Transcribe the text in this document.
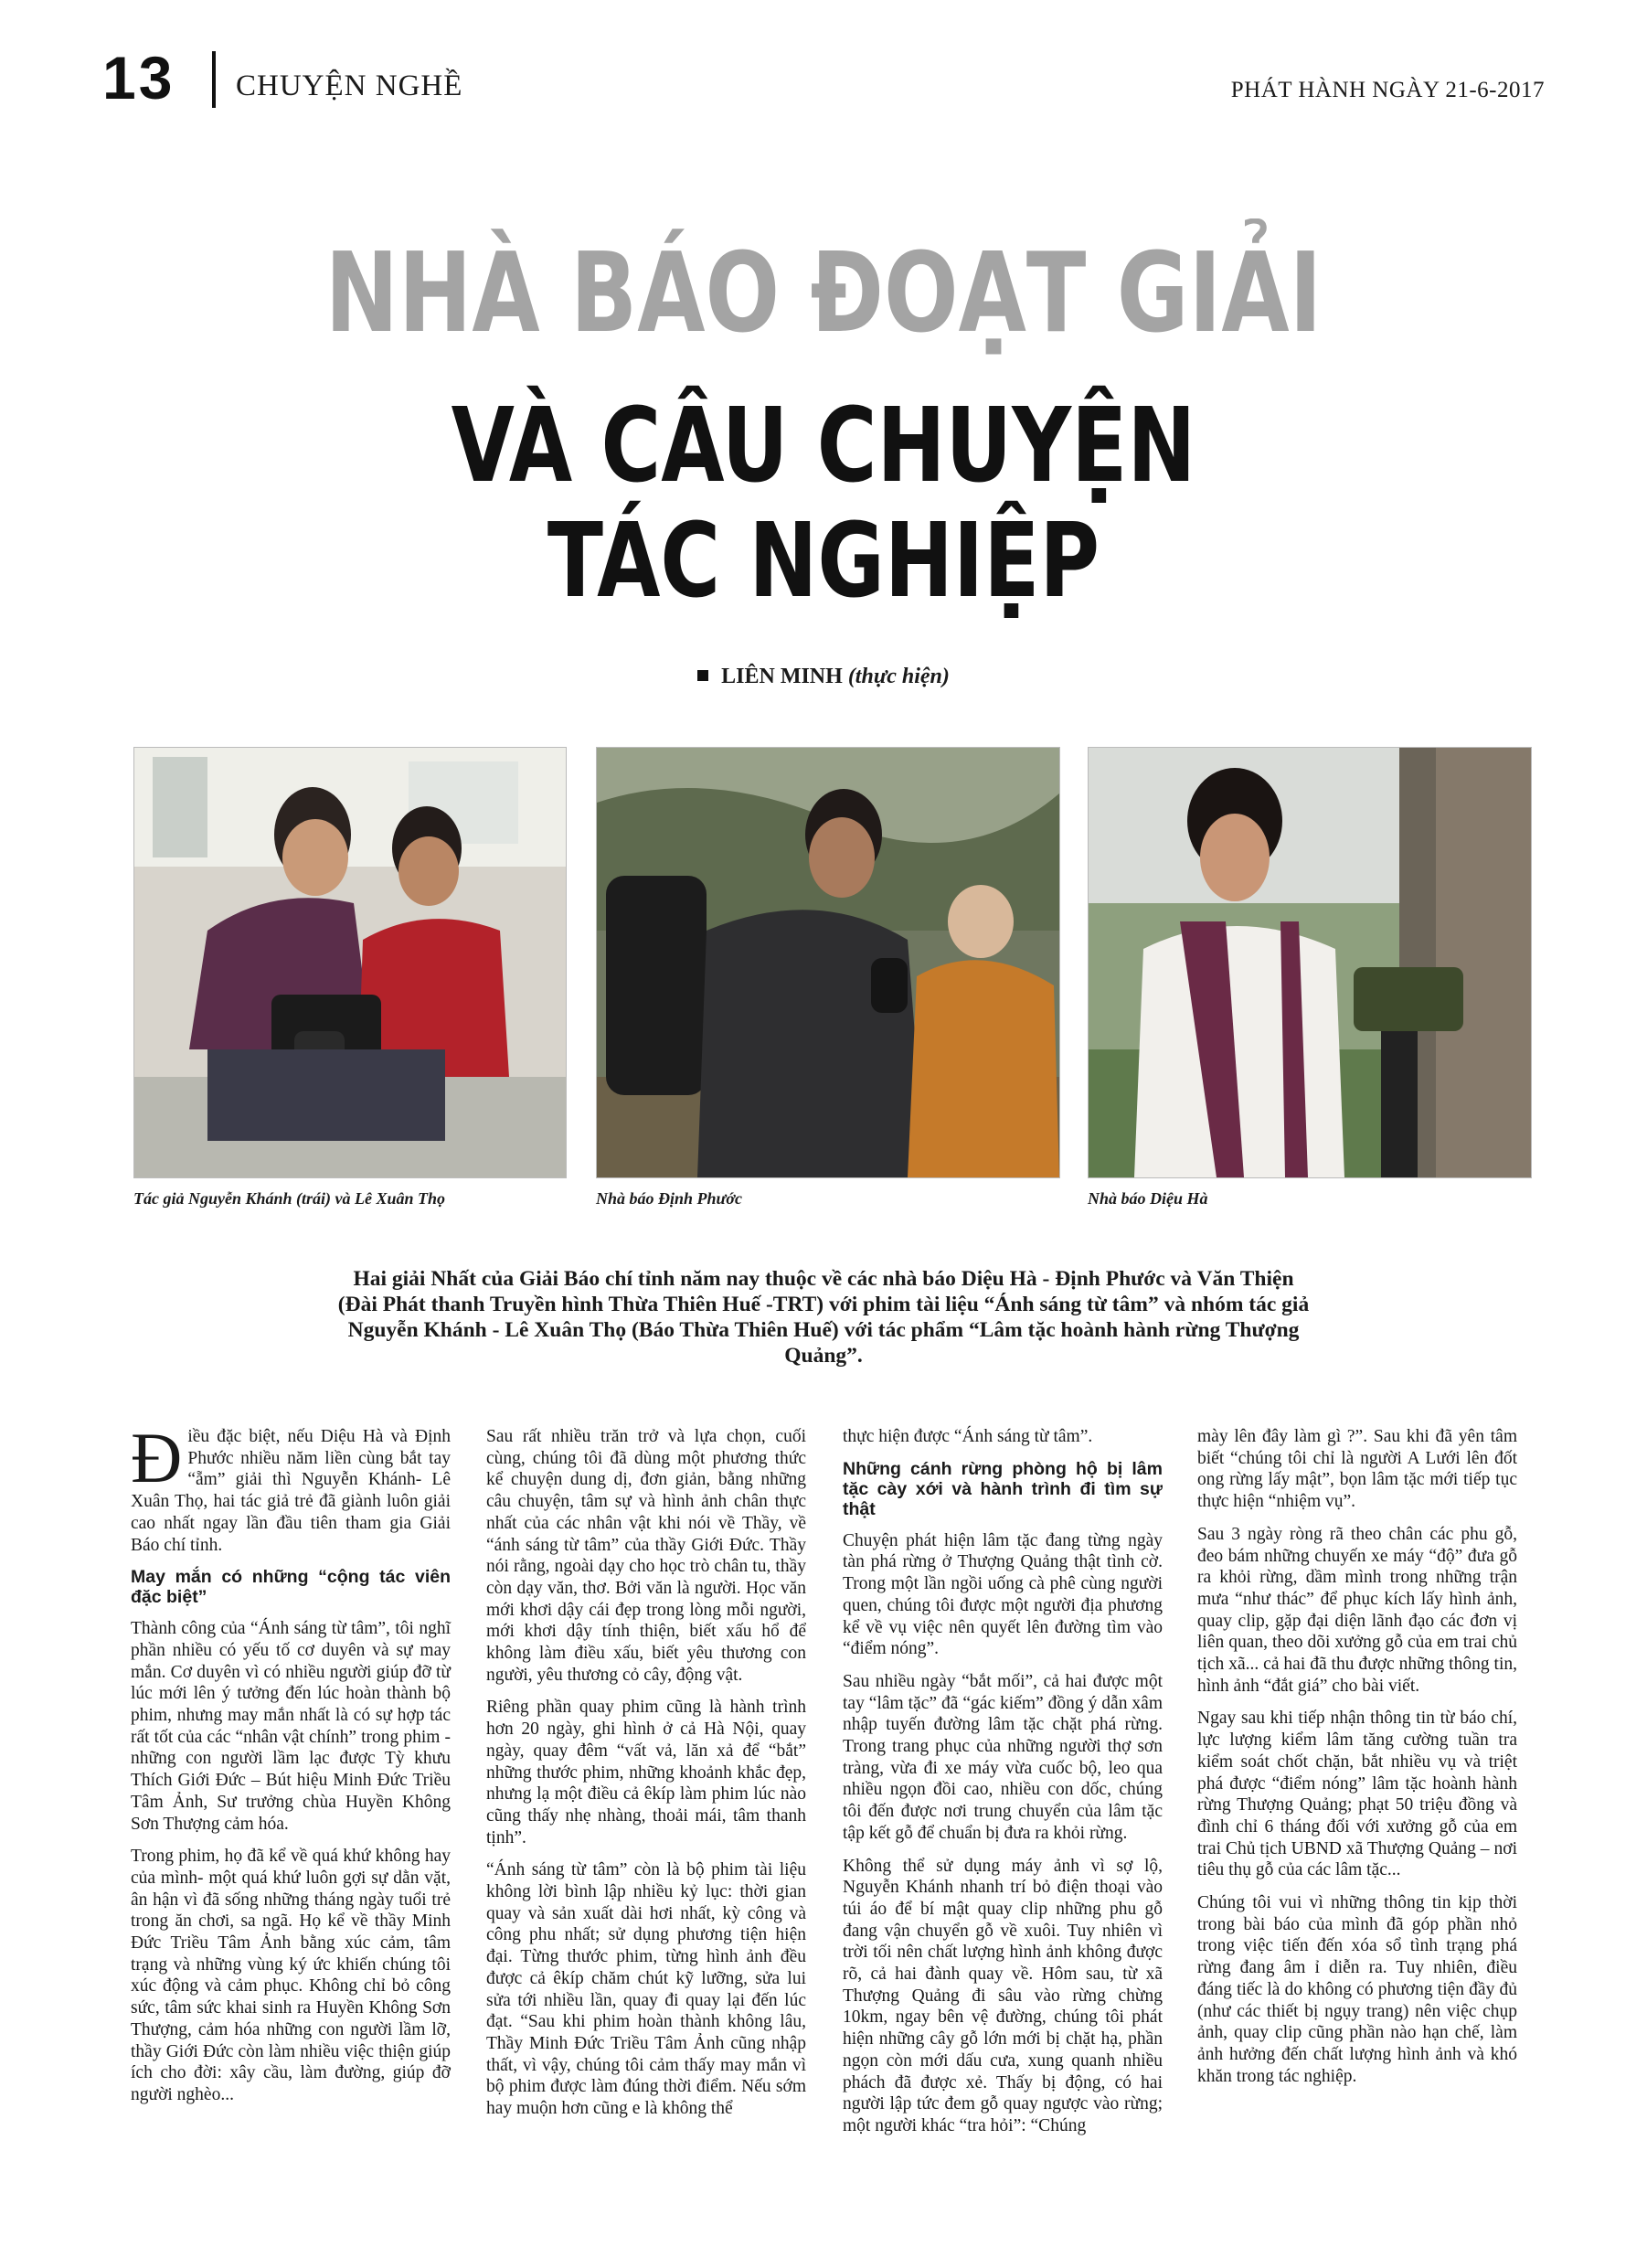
13 CHUYỆN NGHỀ	PHÁT HÀNH NGÀY 21-6-2017
NHÀ BÁO ĐOẠT GIẢI
VÀ CÂU CHUYỆN
TÁC NGHIỆP
LIÊN MINH (thực hiện)
Tác giả Nguyễn Khánh (trái) và Lê Xuân Thọ	Nhà báo Định Phước	Nhà báo Diệu Hà
Hai giải Nhất của Giải Báo chí tỉnh năm nay thuộc về các nhà báo Diệu Hà - Định Phước và Văn Thiện (Đài Phát thanh Truyền hình Thừa Thiên Huế -TRT) với phim tài liệu “Ánh sáng từ tâm” và nhóm tác giả Nguyễn Khánh - Lê Xuân Thọ (Báo Thừa Thiên Huế) với tác phẩm “Lâm tặc hoành hành rừng Thượng Quảng”.

Điều đặc biệt, nếu Diệu Hà và Định Phước nhiều năm liền cùng bắt tay “ẵm” giải thì Nguyễn Khánh- Lê Xuân Thọ, hai tác giả trẻ đã giành luôn giải cao nhất ngay lần đầu tiên tham gia Giải Báo chí tỉnh.

May mắn có những “cộng tác viên đặc biệt”

Thành công của “Ánh sáng từ tâm”, tôi nghĩ phần nhiều có yếu tố cơ duyên và sự may mắn. Cơ duyên vì có nhiều người giúp đỡ từ lúc mới lên ý tưởng đến lúc hoàn thành bộ phim, nhưng may mắn nhất là có sự hợp tác rất tốt của các “nhân vật chính” trong phim - những con người lầm lạc được Tỳ khưu Thích Giới Đức – Bút hiệu Minh Đức Triều Tâm Ảnh, Sư trưởng chùa Huyền Không Sơn Thượng cảm hóa.

Trong phim, họ đã kể về quá khứ không hay của mình- một quá khứ luôn gợi sự dằn vặt, ân hận vì đã sống những tháng ngày tuổi trẻ trong ăn chơi, sa ngã. Họ kể về thầy Minh Đức Triều Tâm Ảnh bằng xúc cảm, tâm trạng và những vùng ký ức khiến chúng tôi xúc động và cảm phục. Không chỉ bỏ công sức, tâm sức khai sinh ra Huyền Không Sơn Thượng, cảm hóa những con người lầm lỡ, thầy Giới Đức còn làm nhiều việc thiện giúp ích cho đời: xây cầu, làm đường, giúp đỡ người nghèo...

Sau rất nhiều trăn trở và lựa chọn, cuối cùng, chúng tôi đã dùng một phương thức kể chuyện dung dị, đơn giản, bằng những câu chuyện, tâm sự và hình ảnh chân thực nhất của các nhân vật khi nói về Thầy, về “ánh sáng từ tâm” của thầy Giới Đức. Thầy nói rằng, ngoài dạy cho học trò chân tu, thầy còn dạy văn, thơ. Bởi văn là người. Học văn mới khơi dậy cái đẹp trong lòng mỗi người, mới khơi dậy tính thiện, biết xấu hổ để không làm điều xấu, biết yêu thương con người, yêu thương cỏ cây, động vật.

Riêng phần quay phim cũng là hành trình hơn 20 ngày, ghi hình ở cả Hà Nội, quay ngày, quay đêm “vất vả, lăn xả để “bắt” những thước phim, những khoảnh khắc đẹp, nhưng lạ một điều cả êkíp làm phim lúc nào cũng thấy nhẹ nhàng, thoải mái, tâm thanh tịnh”.

“Ánh sáng từ tâm” còn là bộ phim tài liệu không lời bình lập nhiều kỷ lục: thời gian quay và sản xuất dài hơi nhất, kỳ công và công phu nhất; sử dụng phương tiện hiện đại. Từng thước phim, từng hình ảnh đều được cả êkíp chăm chút kỹ lưỡng, sửa lui sửa tới nhiều lần, quay đi quay lại đến lúc đạt. “Sau khi phim hoàn thành không lâu, Thầy Minh Đức Triều Tâm Ảnh cũng nhập thất, vì vậy, chúng tôi cảm thấy may mắn vì bộ phim được làm đúng thời điểm. Nếu sớm hay muộn hơn cũng e là không thể

thực hiện được “Ánh sáng từ tâm”.

Những cánh rừng phòng hộ bị lâm tặc cày xới và hành trình đi tìm sự thật

Chuyện phát hiện lâm tặc đang từng ngày tàn phá rừng ở Thượng Quảng thật tình cờ. Trong một lần ngồi uống cà phê cùng người quen, chúng tôi được một người địa phương kể về vụ việc nên quyết lên đường tìm vào “điểm nóng”.

Sau nhiều ngày “bắt mối”, cả hai được một tay “lâm tặc” đã “gác kiếm” đồng ý dẫn xâm nhập tuyến đường lâm tặc chặt phá rừng. Trong trang phục của những người thợ sơn tràng, vừa đi xe máy vừa cuốc bộ, leo qua nhiều ngọn đồi cao, nhiều con dốc, chúng tôi đến được nơi trung chuyển của lâm tặc tập kết gỗ để chuẩn bị đưa ra khỏi rừng.

Không thể sử dụng máy ảnh vì sợ lộ, Nguyễn Khánh nhanh trí bỏ điện thoại vào túi áo để bí mật quay clip những phu gỗ đang vận chuyển gỗ về xuôi. Tuy nhiên vì trời tối nên chất lượng hình ảnh không được rõ, cả hai đành quay về. Hôm sau, từ xã Thượng Quảng đi sâu vào rừng chừng 10km, ngay bên vệ đường, chúng tôi phát hiện những cây gỗ lớn mới bị chặt hạ, phần ngọn còn mới dấu cưa, xung quanh nhiều phách đã được xẻ. Thấy bị động, có hai người lập tức đem gỗ quay ngược vào rừng; một người khác “tra hỏi”: “Chúng

mày lên đây làm gì ?”. Sau khi đã yên tâm biết “chúng tôi chỉ là người A Lưới lên đốt ong rừng lấy mật”, bọn lâm tặc mới tiếp tục thực hiện “nhiệm vụ”.

Sau 3 ngày ròng rã theo chân các phu gỗ, đeo bám những chuyến xe máy “độ” đưa gỗ ra khỏi rừng, dầm mình trong những trận mưa “như thác” để phục kích lấy hình ảnh, quay clip, gặp đại diện lãnh đạo các đơn vị liên quan, theo dõi xưởng gỗ của em trai chủ tịch xã... cả hai đã thu được những thông tin, hình ảnh “đắt giá” cho bài viết.

Ngay sau khi tiếp nhận thông tin từ báo chí, lực lượng kiểm lâm tăng cường tuần tra kiểm soát chốt chặn, bắt nhiều vụ và triệt phá được “điểm nóng” lâm tặc hoành hành rừng Thượng Quảng; phạt 50 triệu đồng và đình chỉ 6 tháng đối với xưởng gỗ của em trai Chủ tịch UBND xã Thượng Quảng – nơi tiêu thụ gỗ của các lâm tặc...

Chúng tôi vui vì những thông tin kịp thời trong bài báo của mình đã góp phần nhỏ trong việc tiến đến xóa sổ tình trạng phá rừng đang âm ỉ diễn ra. Tuy nhiên, điều đáng tiếc là do không có phương tiện đầy đủ (như các thiết bị ngụy trang) nên việc chụp ảnh, quay clip cũng phần nào hạn chế, làm ảnh hưởng đến chất lượng hình ảnh và khó khăn trong tác nghiệp.
